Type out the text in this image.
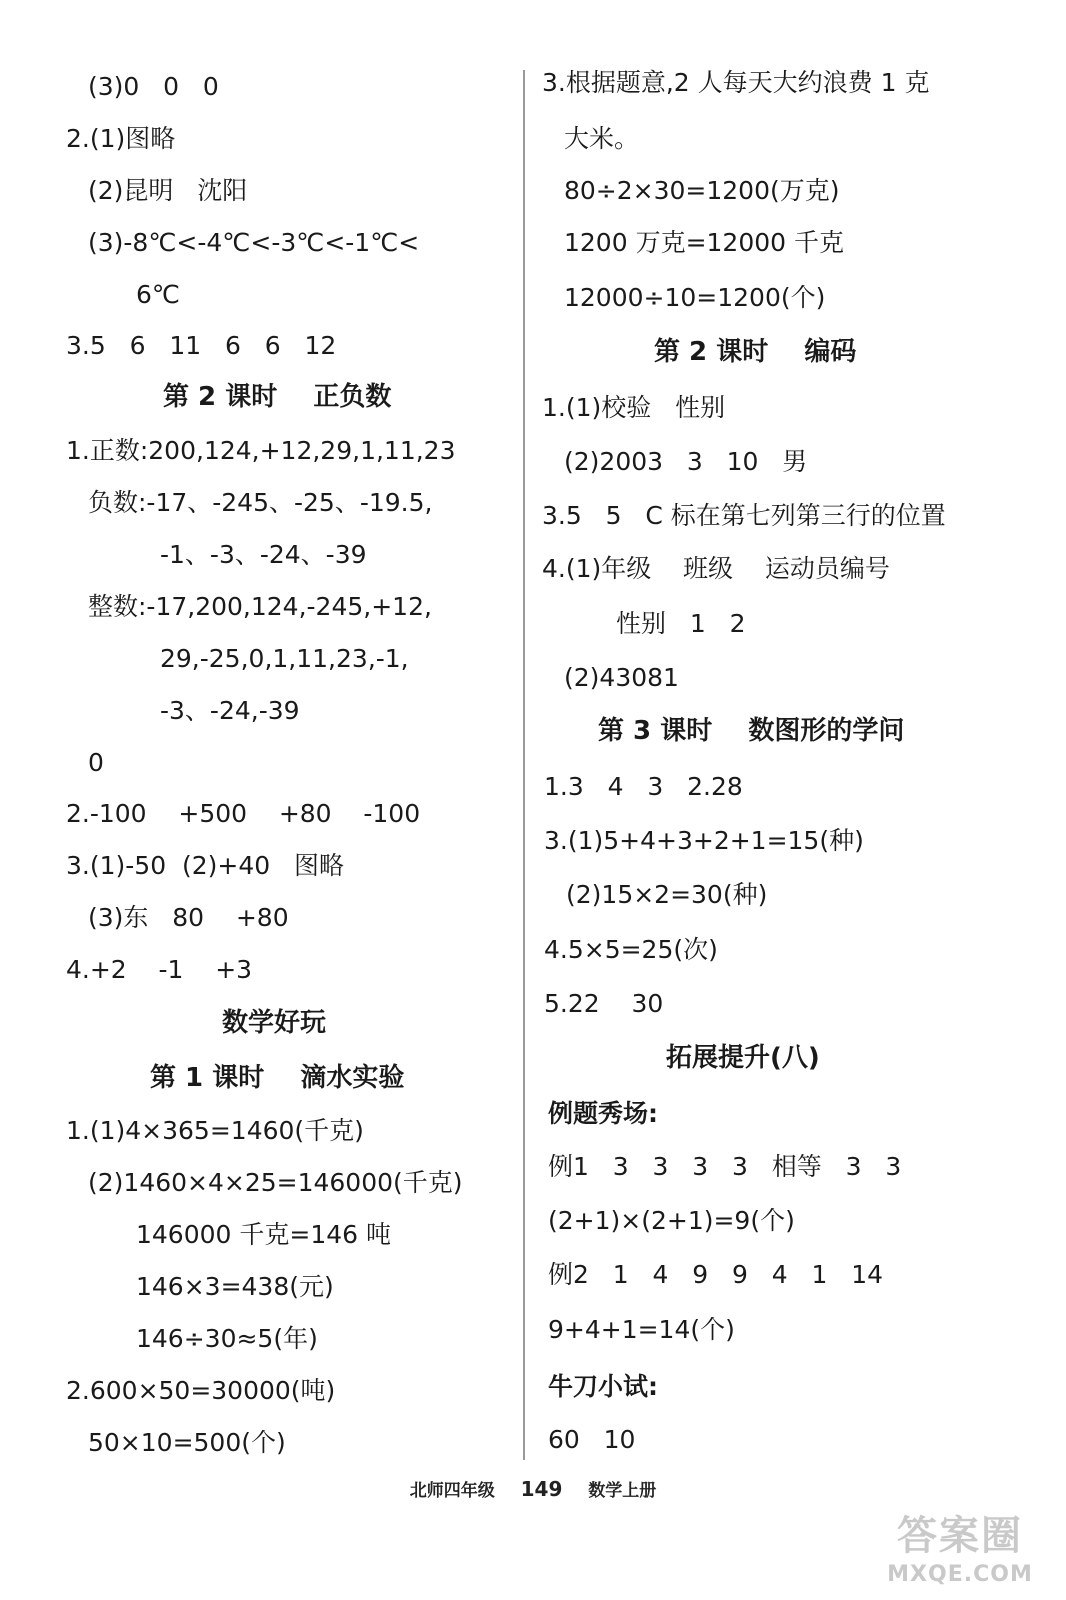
(3)0   0   0
2.(1)图略
(2)昆明   沈阳
(3)-8℃<-4℃<-3℃<-1℃<
6℃
3.5   6   11   6   6   12
第 2 课时    正负数
1.正数:200,124,+12,29,1,11,23
负数:-17、-245、-25、-19.5,
-1、-3、-24、-39
整数:-17,200,124,-245,+12,
29,-25,0,1,11,23,-1,
-3、-24,-39
0
2.-100    +500    +80    -100
3.(1)-50  (2)+40   图略
(3)东   80    +80
4.+2    -1    +3
数学好玩
第 1 课时    滴水实验
1.(1)4×365=1460(千克)
(2)1460×4×25=146000(千克)
146000 千克=146 吨
146×3=438(元)
146÷30≈5(年)
2.600×50=30000(吨)
50×10=500(个)
3.根据题意,2 人每天大约浪费 1 克
大米。
80÷2×30=1200(万克)
1200 万克=12000 千克
12000÷10=1200(个)
第 2 课时    编码
1.(1)校验   性别
(2)2003   3   10   男
3.5   5   C 标在第七列第三行的位置
4.(1)年级    班级    运动员编号
性别   1   2
(2)43081
第 3 课时    数图形的学问
1.3   4   3   2.28
3.(1)5+4+3+2+1=15(种)
(2)15×2=30(种)
4.5×5=25(次)
5.22    30
拓展提升(八)
例题秀场:
例1   3   3   3   3   相等   3   3
(2+1)×(2+1)=9(个)
例2   1   4   9   9   4   1   14
9+4+1=14(个)
牛刀小试:
60   10
北师四年级 149 数学上册
答案圈
MXQE.COM
